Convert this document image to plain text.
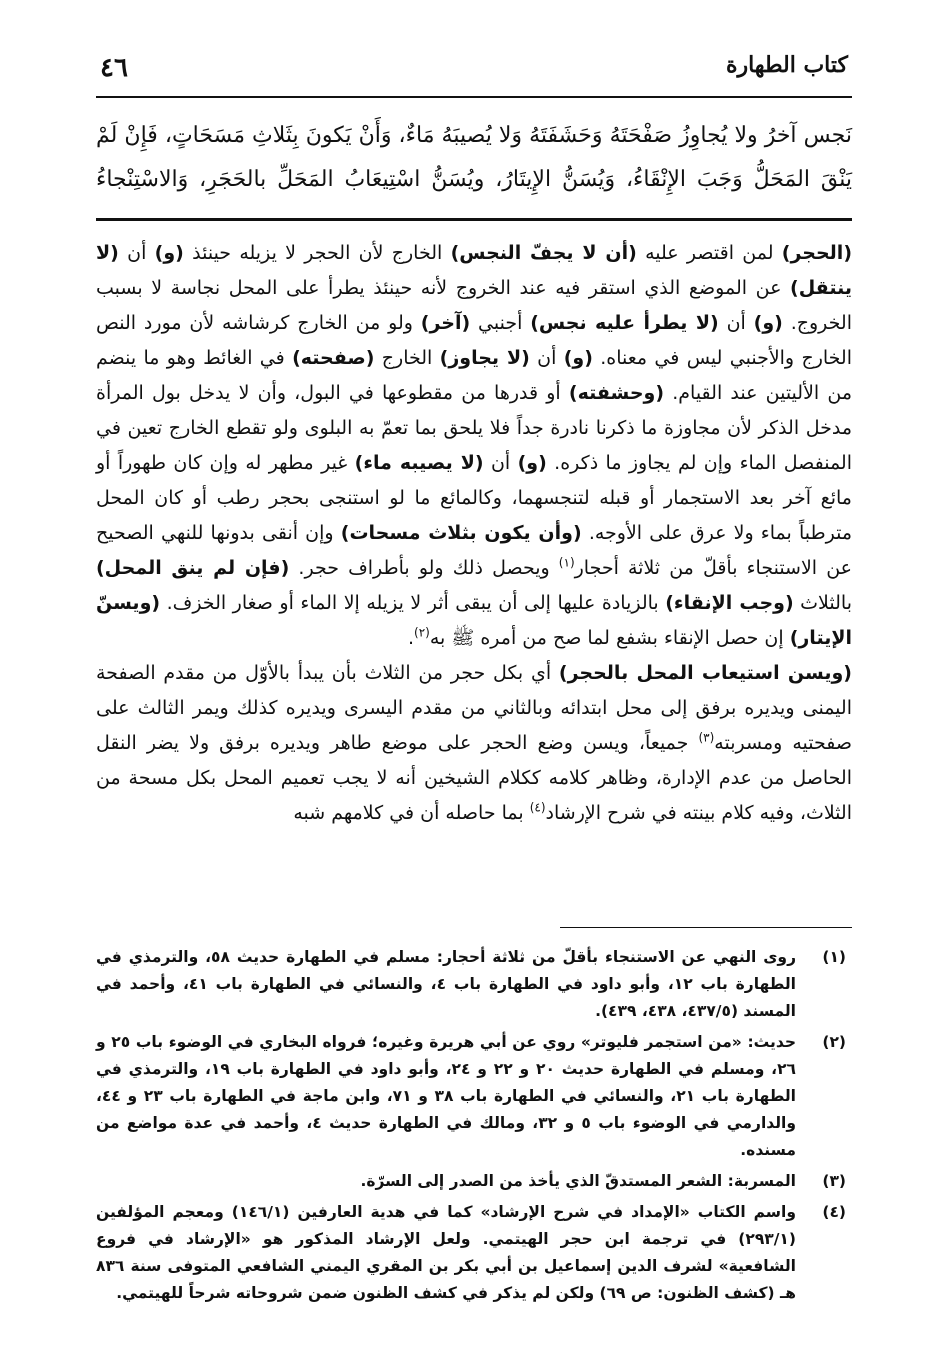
كتاب الطهارة
٤٦
نَجس آخرُ ولا يُجاوِزُ صَفْحَتَهُ وَحَشَفَتَهُ وَلا يُصيبَهُ مَاءٌ، وَأَنْ يَكونَ بِثَلاثِ مَسَحَاتٍ، فَإِنْ لَمْ يَنْقَ المَحَلُّ وَجَبَ الإِنْقَاءُ، وَيُسَنُّ الإِيتَارُ، ويُسَنُّ اسْتِيعَابُ المَحَلِّ بالحَجَرِ، وَالاسْتِنْجاءُ

(الحجر) لمن اقتصر عليه (أن لا يجفّ النجس) الخارج لأن الحجر لا يزيله حينئذ (و) أن (لا ينتقل) عن الموضع الذي استقر فيه عند الخروج لأنه حينئذ يطرأ على المحل نجاسة لا بسبب الخروج. (و) أن (لا يطرأ عليه نجس) أجنبي (آخر) ولو من الخارج كرشاشه لأن مورد النص الخارج والأجنبي ليس في معناه. (و) أن (لا يجاوز) الخارج (صفحته) في الغائط وهو ما ينضم من الأليتين عند القيام. (وحشفته) أو قدرها من مقطوعها في البول، وأن لا يدخل بول المرأة مدخل الذكر لأن مجاوزة ما ذكرنا نادرة جداً فلا يلحق بما تعمّ به البلوى ولو تقطع الخارج تعين في المنفصل الماء وإن لم يجاوز ما ذكره. (و) أن (لا يصيبه ماء) غير مطهر له وإن كان طهوراً أو مائع آخر بعد الاستجمار أو قبله لتنجسهما، وكالمائع ما لو استنجى بحجر رطب أو كان المحل مترطباً بماء ولا عرق على الأوجه. (وأن يكون بثلاث مسحات) وإن أنقى بدونها للنهي الصحيح عن الاستنجاء بأقلّ من ثلاثة أحجار$^{(١)}$ ويحصل ذلك ولو بأطراف حجر. (فإن لم ينق المحل) بالثلاث (وجب الإنقاء) بالزيادة عليها إلى أن يبقى أثر لا يزيله إلا الماء أو صغار الخزف. (ويسنّ الإيتار) إن حصل الإنقاء بشفع لما صح من أمره ﷺ به$^{(٢)}$.

(ويسن استيعاب المحل بالحجر) أي بكل حجر من الثلاث بأن يبدأ بالأوّل من مقدم الصفحة اليمنى ويديره برفق إلى محل ابتدائه وبالثاني من مقدم اليسرى ويديره كذلك ويمر الثالث على صفحتيه ومسربته$^{(٣)}$ جميعاً، ويسن وضع الحجر على موضع طاهر ويديره برفق ولا يضر النقل الحاصل من عدم الإدارة، وظاهر كلامه ككلام الشيخين أنه لا يجب تعميم المحل بكل مسحة من الثلاث، وفيه كلام بينته في شرح الإرشاد$^{(٤)}$ بما حاصله أن في كلامهم شبه

(١)
روى النهي عن الاستنجاء بأقلّ من ثلاثة أحجار: مسلم في الطهارة حديث ٥٨، والترمذي في الطهارة باب ١٢، وأبو داود في الطهارة باب ٤، والنسائي في الطهارة باب ٤١، وأحمد في المسند (٤٣٧/٥، ٤٣٨، ٤٣٩).
(٢)
حديث: «من استجمر فليوتر» روي عن أبي هريرة وغيره؛ فرواه البخاري في الوضوء باب ٢٥ و ٢٦، ومسلم في الطهارة حديث ٢٠ و ٢٢ و ٢٤، وأبو داود في الطهارة باب ١٩، والترمذي في الطهارة باب ٢١، والنسائي في الطهارة باب ٣٨ و ٧١، وابن ماجة في الطهارة باب ٢٣ و ٤٤، والدارمي في الوضوء باب ٥ و ٣٢، ومالك في الطهارة حديث ٤، وأحمد في عدة مواضع من مسنده.
(٣)
المسربة: الشعر المستدقّ الذي يأخذ من الصدر إلى السرّة.
(٤)
واسم الكتاب «الإمداد في شرح الإرشاد» كما في هدية العارفين (١٤٦/١) ومعجم المؤلفين (٢٩٣/١) في ترجمة ابن حجر الهيتمي. ولعل الإرشاد المذكور هو «الإرشاد في فروع الشافعية» لشرف الدين إسماعيل بن أبي بكر بن المقري اليمني الشافعي المتوفى سنة ٨٣٦ هـ (كشف الظنون: ص ٦٩) ولكن لم يذكر في كشف الظنون ضمن شروحاته شرحاً للهيتمي.
